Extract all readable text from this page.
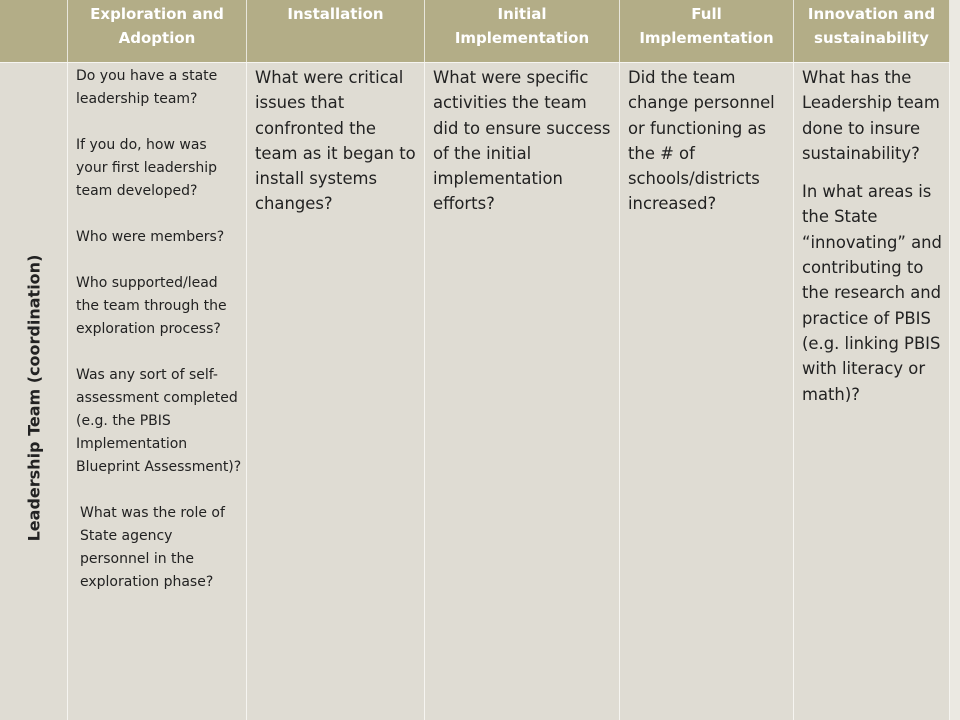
Exploration and Adoption
Installation	Initial Implementation
Full Implementation
Innovation and sustainability
Leadership Team (coordination)

Do you have a state leadership team?

If you do, how was your first leadership team developed?

Who were members?

Who supported/lead the team through the exploration process?

Was any sort of self-assessment completed (e.g. the PBIS Implementation Blueprint Assessment)?

What was the role of State agency personnel in the exploration phase?

What were critical issues that confronted the team as it began to install systems changes?

What were specific activities the team did to ensure success of the initial implementation efforts?

Did the team change personnel or functioning as the # of schools/districts increased?

What has the Leadership team done to insure sustainability?

In what areas is the State “innovating” and contributing to the research and practice of PBIS (e.g. linking PBIS with literacy or math)?
